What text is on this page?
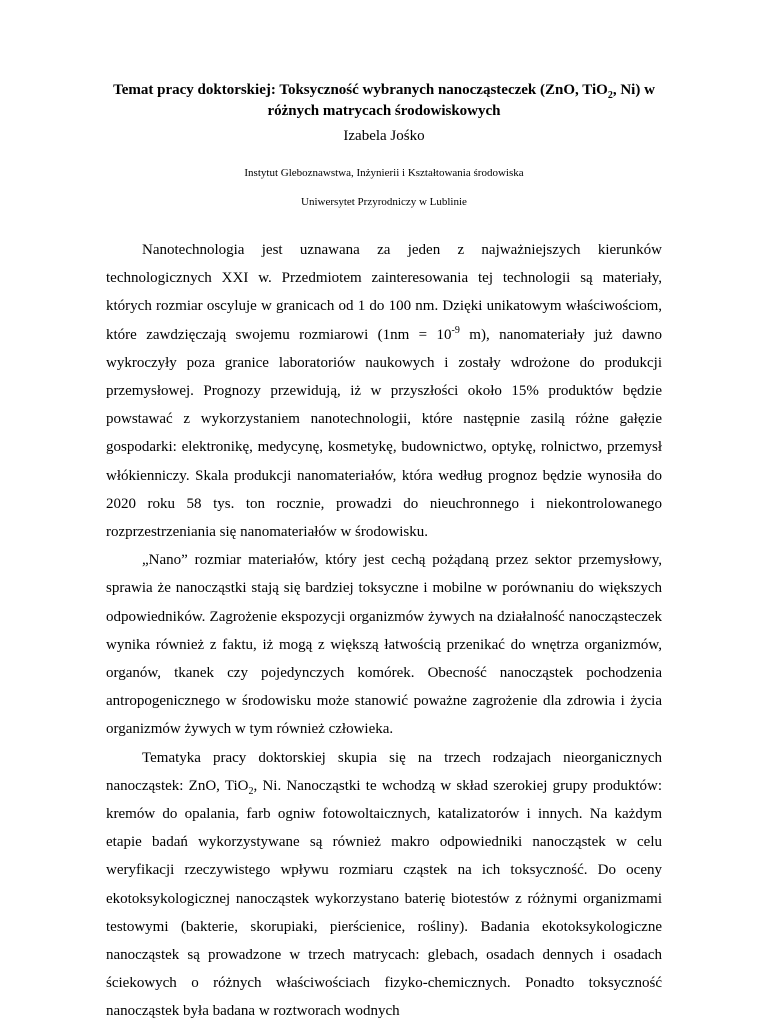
Temat pracy doktorskiej: Toksyczność wybranych nanocząsteczek (ZnO, TiO$_2$, Ni) w różnych matrycach środowiskowych
Izabela Jośko
Instytut Gleboznawstwa, Inżynierii i Kształtowania środowiska
Uniwersytet Przyrodniczy w Lublinie

Nanotechnologia jest uznawana za jeden z najważniejszych kierunków technologicznych XXI w. Przedmiotem zainteresowania tej technologii są materiały, których rozmiar oscyluje w granicach od 1 do 100 nm. Dzięki unikatowym właściwościom, które zawdzięczają swojemu rozmiarowi ($1nm = 10^{-9}$ m), nanomateriały już dawno wykroczyły poza granice laboratoriów naukowych i zostały wdrożone do produkcji przemysłowej. Prognozy przewidują, iż w przyszłości około 15% produktów będzie powstawać z wykorzystaniem nanotechnologii, które następnie zasilą różne gałęzie gospodarki: elektronikę, medycynę, kosmetykę, budownictwo, optykę, rolnictwo, przemysł włókienniczy. Skala produkcji nanomateriałów, która według prognoz będzie wynosiła do 2020 roku 58 tys. ton rocznie, prowadzi do nieuchronnego i niekontrolowanego rozprzestrzeniania się nanomateriałów w środowisku.

„Nano” rozmiar materiałów, który jest cechą pożądaną przez sektor przemysłowy, sprawia że nanocząstki stają się bardziej toksyczne i mobilne w porównaniu do większych odpowiedników. Zagrożenie ekspozycji organizmów żywych na działalność nanocząsteczek wynika również z faktu, iż mogą z większą łatwością przenikać do wnętrza organizmów, organów, tkanek czy pojedynczych komórek. Obecność nanocząstek pochodzenia antropogenicznego w środowisku może stanowić poważne zagrożenie dla zdrowia i życia organizmów żywych w tym również człowieka.

Tematyka pracy doktorskiej skupia się na trzech rodzajach nieorganicznych nanocząstek: ZnO, TiO$_2$, Ni. Nanocząstki te wchodzą w skład szerokiej grupy produktów: kremów do opalania, farb ogniw fotowoltaicznych, katalizatorów i innych. Na każdym etapie badań wykorzystywane są również makro odpowiedniki nanocząstek w celu weryfikacji rzeczywistego wpływu rozmiaru cząstek na ich toksyczność. Do oceny ekotoksykologicznej nanocząstek wykorzystano baterię biotestów z różnymi organizmami testowymi (bakterie, skorupiaki, pierścienice, rośliny). Badania ekotoksykologiczne nanocząstek są prowadzone w trzech matrycach: glebach, osadach dennych i osadach ściekowych o różnych właściwościach fizyko-chemicznych. Ponadto toksyczność nanocząstek była badana w roztworach wodnych
